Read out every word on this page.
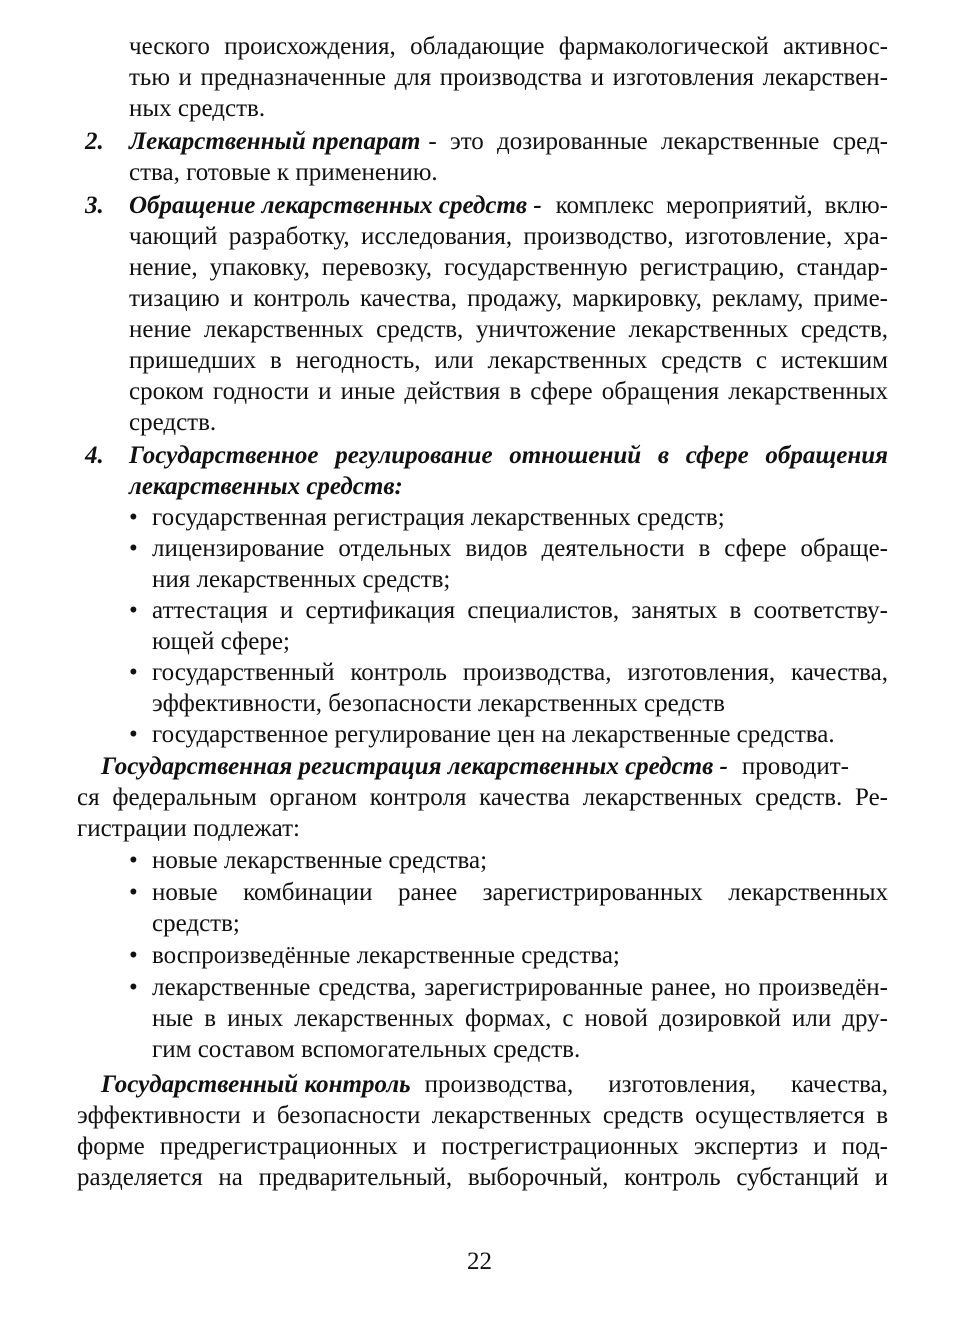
ческого происхождения, обладающие фармакологической активнос-
тью и предназначенные для производства и изготовления лекарствен-
ных средств.
2. Лекарственный препарат - это дозированные лекарственные сред-
ства, готовые к применению.
3. Обращение лекарственных средств - комплекс мероприятий, вклю-
чающий разработку, исследования, производство, изготовление, хра-
нение, упаковку, перевозку, государственную регистрацию, стандар-
тизацию и контроль качества, продажу, маркировку, рекламу, приме-
нение лекарственных средств, уничтожение лекарственных средств,
пришедших в негодность, или лекарственных средств с истекшим
сроком годности и иные действия в сфере обращения лекарственных
средств.
4. Государственное регулирование отношений в сфере обращения
лекарственных средств:
• государственная регистрация лекарственных средств;
• лицензирование отдельных видов деятельности в сфере обраще-
ния лекарственных средств;
• аттестация и сертификация специалистов, занятых в соответству-
ющей сфере;
• государственный контроль производства, изготовления, качества,
эффективности, безопасности лекарственных средств
• государственное регулирование цен на лекарственные средства.
Государственная регистрация лекарственных средств - проводит-
ся федеральным органом контроля качества лекарственных средств. Ре-
гистрации подлежат:
• новые лекарственные средства;
• новые комбинации ранее зарегистрированных лекарственных
средств;
• воспроизведённые лекарственные средства;
• лекарственные средства, зарегистрированные ранее, но произведён-
ные в иных лекарственных формах, с новой дозировкой или дру-
гим составом вспомогательных средств.
Государственный контроль производства, изготовления, качества,
эффективности и безопасности лекарственных средств осуществляется в
форме предрегистрационных и пострегистрационных экспертиз и под-
разделяется на предварительный, выборочный, контроль субстанций и
22
